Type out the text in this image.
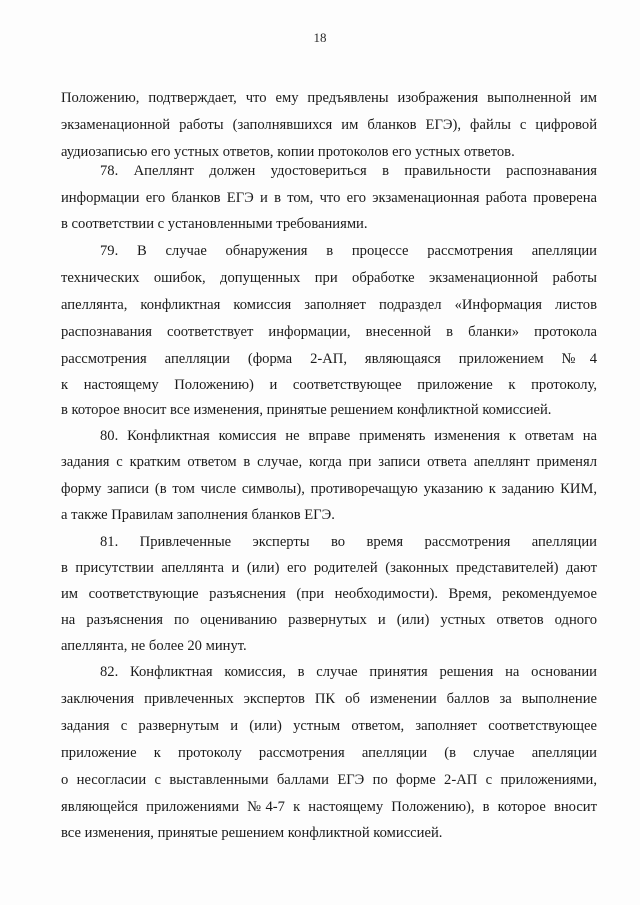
18
Положению, подтверждает, что ему предъявлены изображения выполненной им
экзаменационной работы (заполнявшихся им бланков ЕГЭ), файлы с цифровой
аудиозаписью его устных ответов, копии протоколов его устных ответов.
78. Апеллянт должен удостовериться в правильности распознавания
информации его бланков ЕГЭ и в том, что его экзаменационная работа проверена
в соответствии с установленными требованиями.
79. В случае обнаружения в процессе рассмотрения апелляции
технических ошибок, допущенных при обработке экзаменационной работы
апеллянта, конфликтная комиссия заполняет подраздел «Информация листов
распознавания соответствует информации, внесенной в бланки» протокола
рассмотрения апелляции (форма 2-АП, являющаяся приложением №4
к настоящему Положению) и соответствующее приложение к протоколу,
в которое вносит все изменения, принятые решением конфликтной комиссией.
80. Конфликтная комиссия не вправе применять изменения к ответам на
задания с кратким ответом в случае, когда при записи ответа апеллянт применял
форму записи (в том числе символы), противоречащую указанию к заданию КИМ,
а также Правилам заполнения бланков ЕГЭ.
81. Привлеченные эксперты во время рассмотрения апелляции
в присутствии апеллянта и (или) его родителей (законных представителей) дают
им соответствующие разъяснения (при необходимости). Время, рекомендуемое
на разъяснения по оцениванию развернутых и (или) устных ответов одного
апеллянта, не более 20 минут.
82. Конфликтная комиссия, в случае принятия решения на основании
заключения привлеченных экспертов ПК об изменении баллов за выполнение
задания с развернутым и (или) устным ответом, заполняет соответствующее
приложение к протоколу рассмотрения апелляции (в случае апелляции
о несогласии с выставленными баллами ЕГЭ по форме 2-АП с приложениями,
являющейся приложениями №4-7 к настоящему Положению), в которое вносит
все изменения, принятые решением конфликтной комиссией.
